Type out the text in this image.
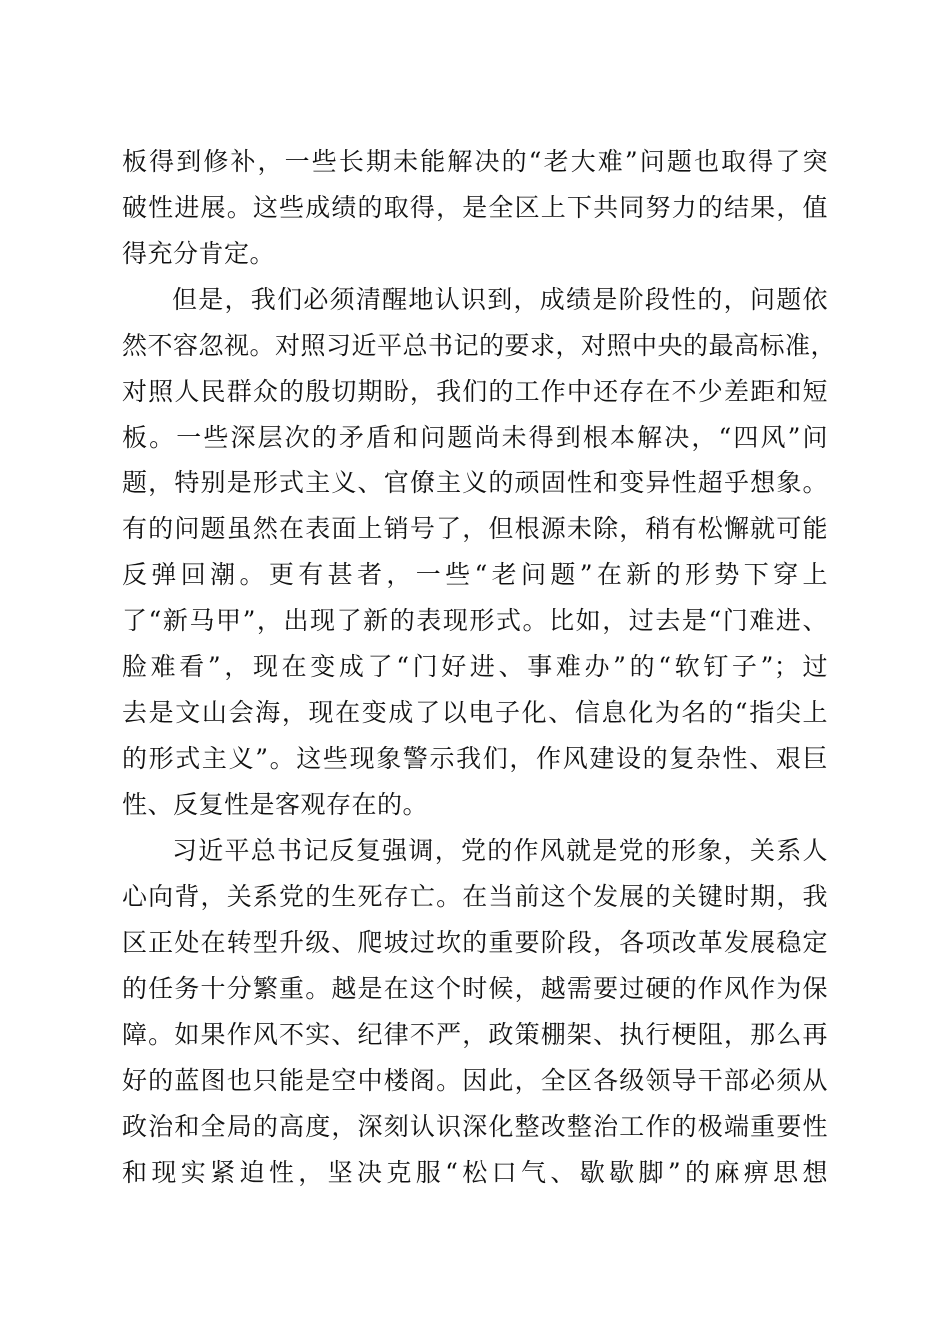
板得到修补，一些长期未能解决的“老大难”问题也取得了突
破性进展。这些成绩的取得，是全区上下共同努力的结果，值
得充分肯定。
但是，我们必须清醒地认识到，成绩是阶段性的，问题依
然不容忽视。对照习近平总书记的要求，对照中央的最高标准，
对照人民群众的殷切期盼，我们的工作中还存在不少差距和短
板。一些深层次的矛盾和问题尚未得到根本解决，“四风”问
题，特别是形式主义、官僚主义的顽固性和变异性超乎想象。
有的问题虽然在表面上销号了，但根源未除，稍有松懈就可能
反弹回潮。更有甚者，一些“老问题”在新的形势下穿上
了“新马甲”，出现了新的表现形式。比如，过去是“门难进、
脸难看”，现在变成了“门好进、事难办”的“软钉子”；过
去是文山会海，现在变成了以电子化、信息化为名的“指尖上
的形式主义”。这些现象警示我们，作风建设的复杂性、艰巨
性、反复性是客观存在的。
习近平总书记反复强调，党的作风就是党的形象，关系人
心向背，关系党的生死存亡。在当前这个发展的关键时期，我
区正处在转型升级、爬坡过坎的重要阶段，各项改革发展稳定
的任务十分繁重。越是在这个时候，越需要过硬的作风作为保
障。如果作风不实、纪律不严，政策棚架、执行梗阻，那么再
好的蓝图也只能是空中楼阁。因此，全区各级领导干部必须从
政治和全局的高度，深刻认识深化整改整治工作的极端重要性
和现实紧迫性，坚决克服“松口气、歇歇脚”的麻痹思想
